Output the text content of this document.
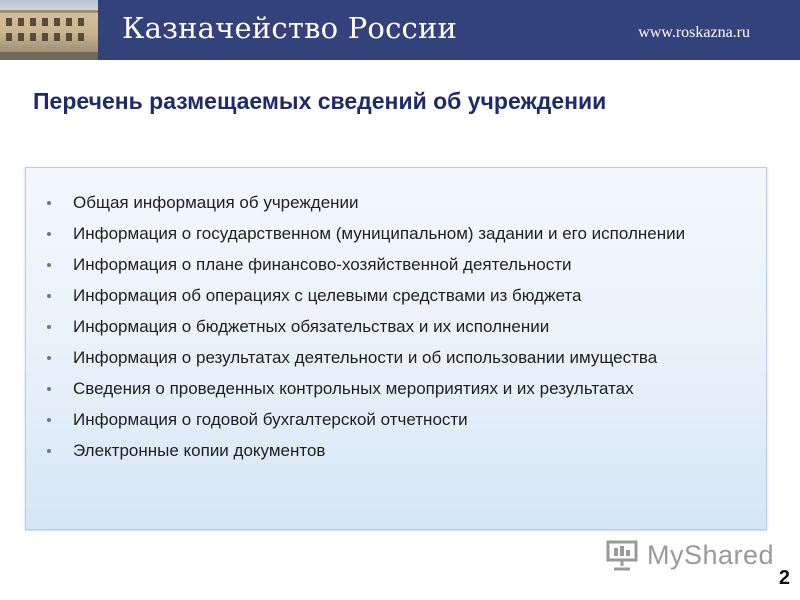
Казначейство России	www.roskazna.ru
Перечень размещаемых сведений об учреждении
Общая информация об учреждении
Информация о государственном (муниципальном) задании и его исполнении
Информация о плане финансово-хозяйственной деятельности
Информация об операциях с целевыми средствами из бюджета
Информация о бюджетных обязательствах и их исполнении
Информация о результатах деятельности и об использовании имущества
Сведения о проведенных контрольных мероприятиях и их результатах
Информация о годовой бухгалтерской отчетности
Электронные копии документов
MyShared
2
